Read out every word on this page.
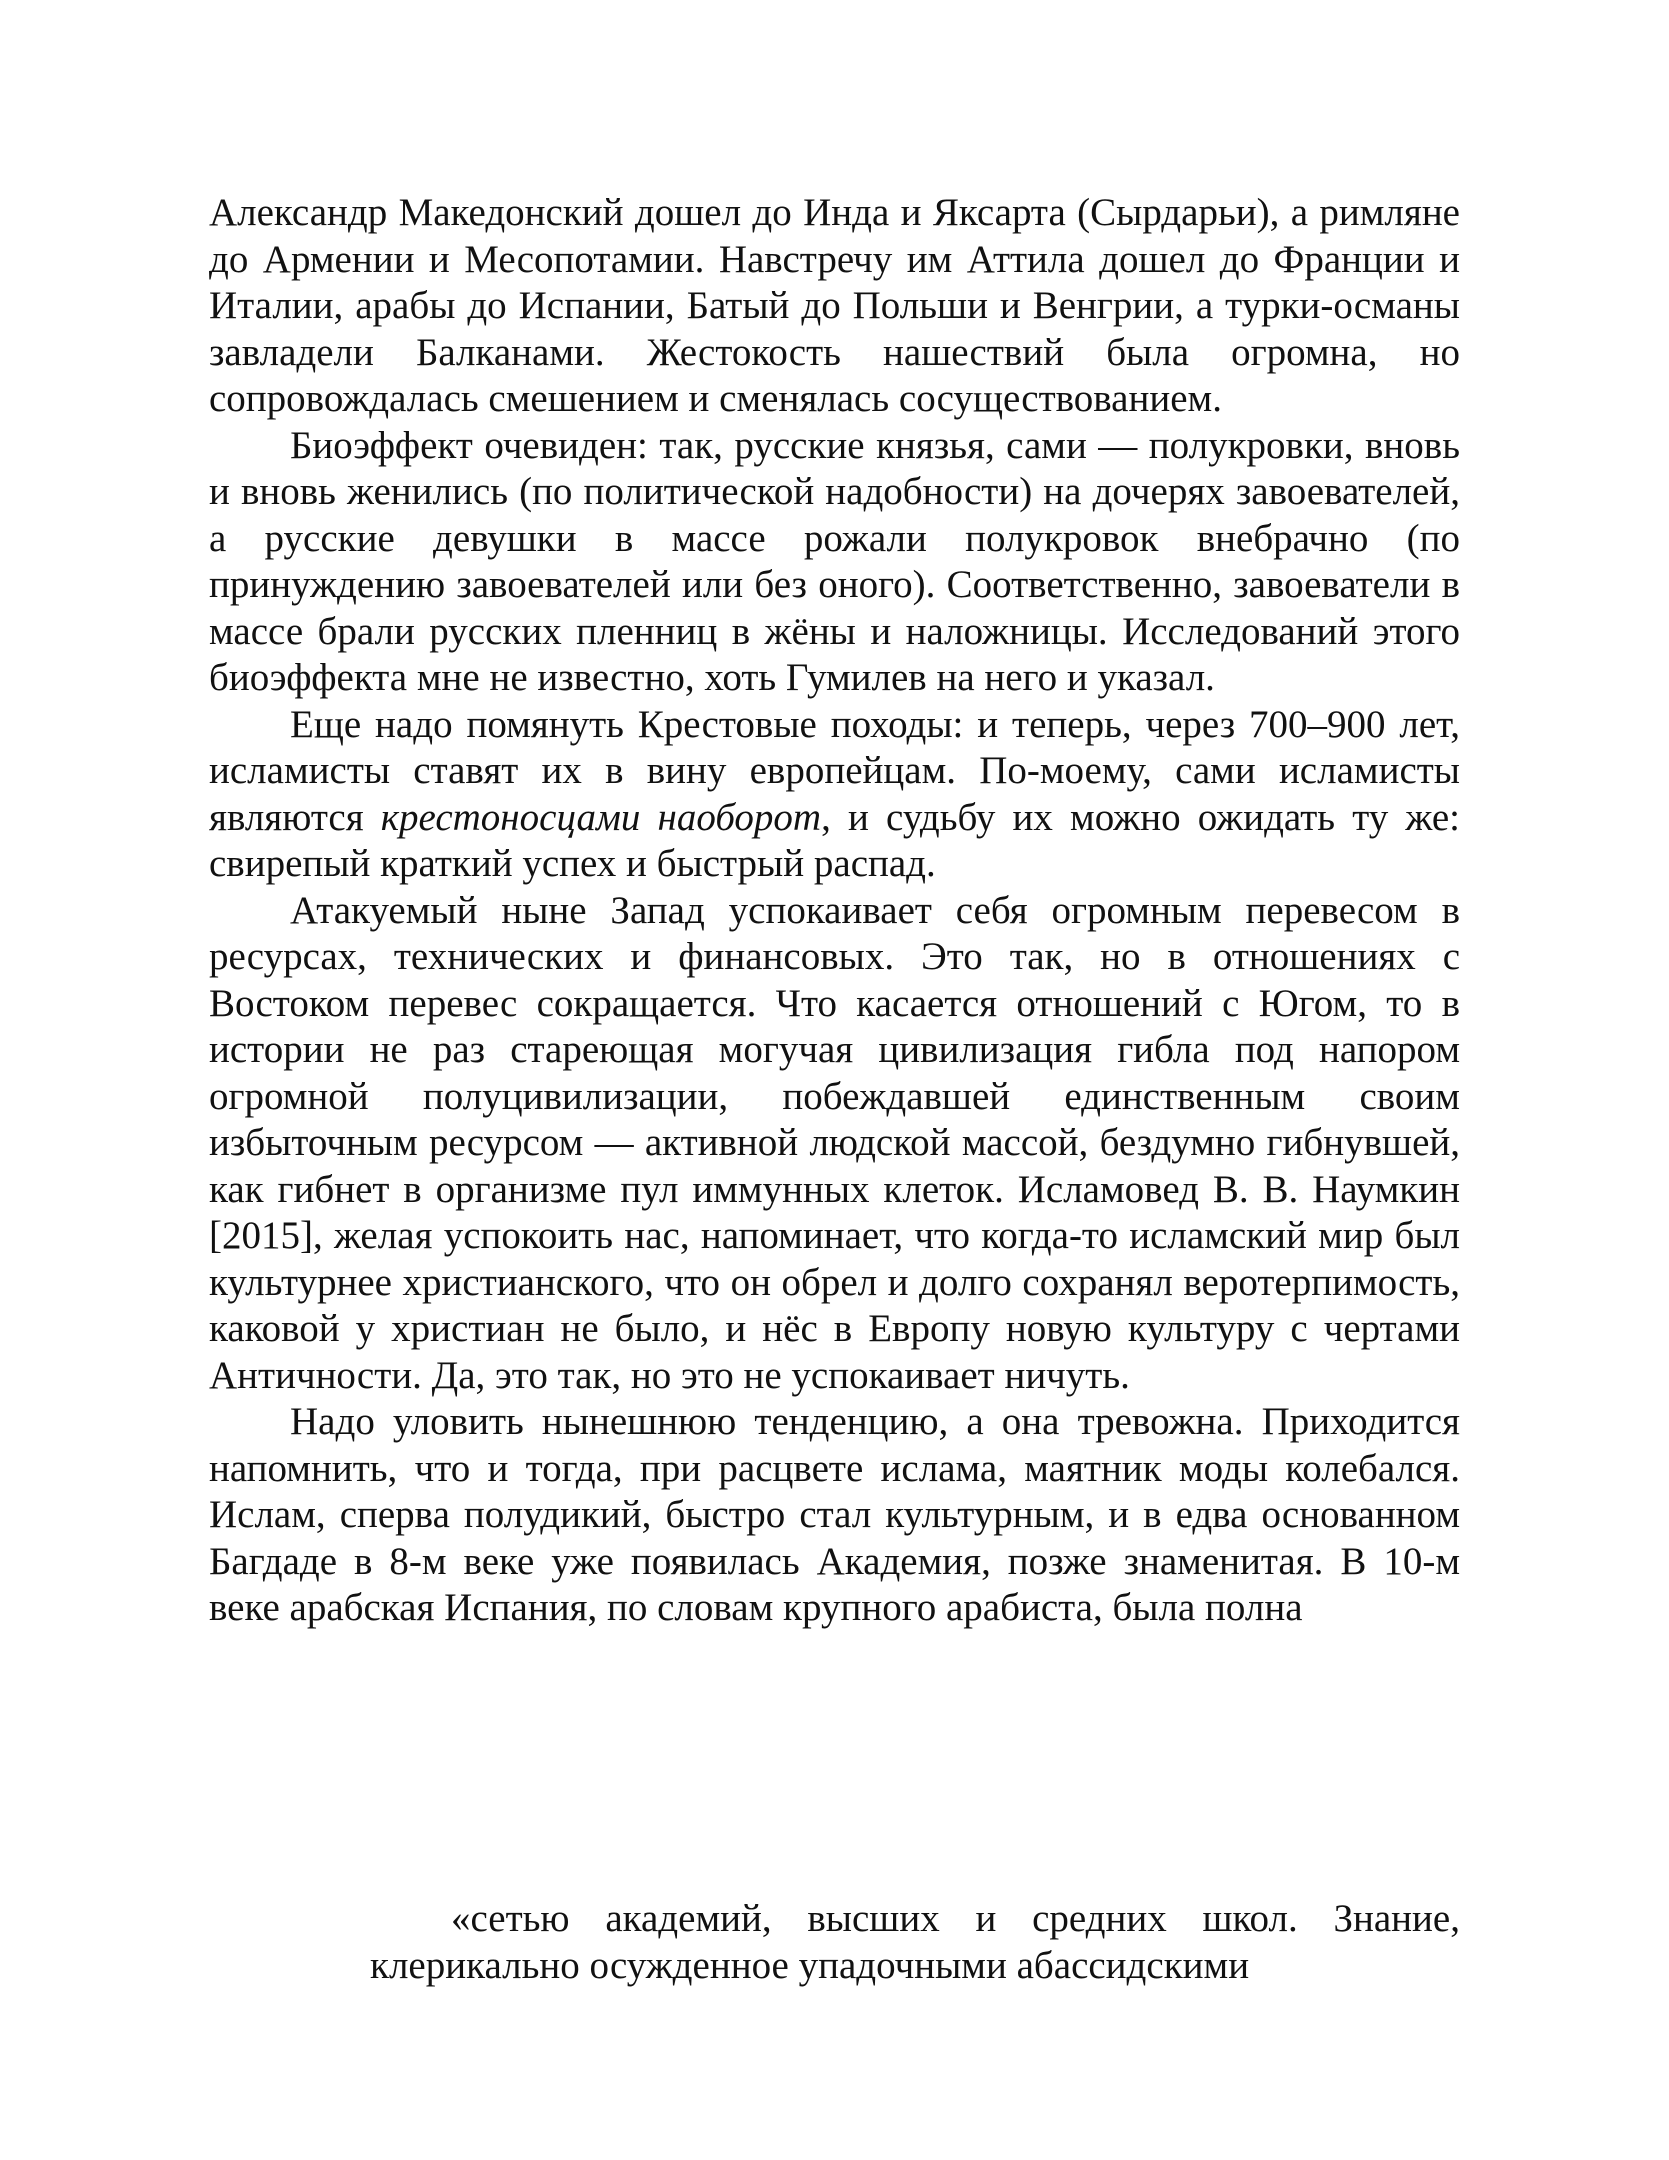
Александр Македонский дошел до Инда и Яксарта (Сырдарьи), а римляне до Армении и Месопотамии. Навстречу им Аттила дошел до Франции и Италии, арабы до Испании, Батый до Польши и Венгрии, а турки-османы завладели Балканами. Жестокость нашествий была огромна, но сопровождалась смешением и сменялась сосуществованием.

Биоэффект очевиден: так, русские князья, сами — полукровки, вновь и вновь женились (по политической надобности) на дочерях завоевателей, а русские девушки в массе рожали полукровок внебрачно (по принуждению завоевателей или без оного). Соответственно, завоеватели в массе брали русских пленниц в жёны и наложницы. Исследований этого биоэффекта мне не известно, хоть Гумилев на него и указал.

Еще надо помянуть Крестовые походы: и теперь, через 700–900 лет, исламисты ставят их в вину европейцам. По-моему, сами исламисты являются крестоносцами наоборот, и судьбу их можно ожидать ту же: свирепый краткий успех и быстрый распад.

Атакуемый ныне Запад успокаивает себя огромным перевесом в ресурсах, технических и финансовых. Это так, но в отношениях с Востоком перевес сокращается. Что касается отношений с Югом, то в истории не раз стареющая могучая цивилизация гибла под напором огромной полуцивилизации, побеждавшей единственным своим избыточным ресурсом — активной людской массой, бездумно гибнувшей, как гибнет в организме пул иммунных клеток. Исламовед В. В. Наумкин [2015], желая успокоить нас, напоминает, что когда-то исламский мир был культурнее христианского, что он обрел и долго сохранял веротерпимость, каковой у христиан не было, и нёс в Европу новую культуру с чертами Античности. Да, это так, но это не успокаивает ничуть.

Надо уловить нынешнюю тенденцию, а она тревожна. Приходится напомнить, что и тогда, при расцвете ислама, маятник моды колебался. Ислам, сперва полудикий, быстро стал культурным, и в едва основанном Багдаде в 8-м веке уже появилась Академия, позже знаменитая. В 10-м веке арабская Испания, по словам крупного арабиста, была полна

«сетью академий, высших и средних школ. Знание, клерикально осужденное упадочными абассидскими
